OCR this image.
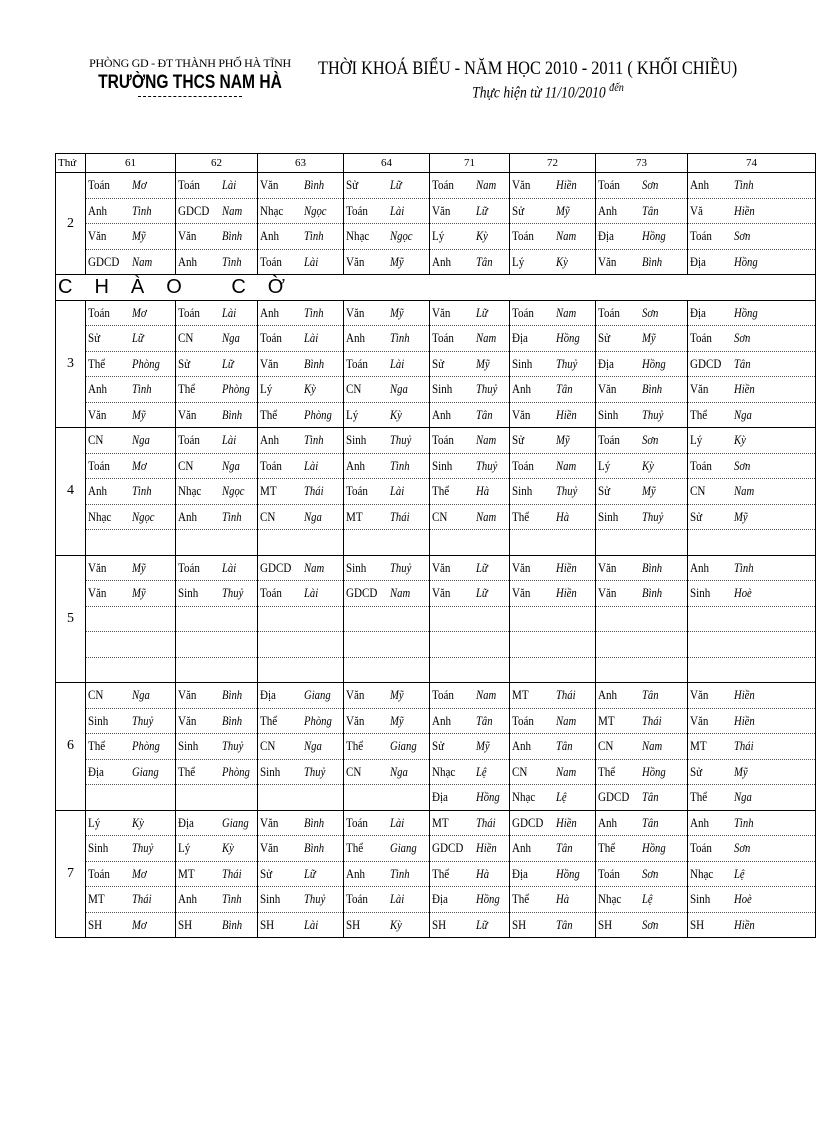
PHÒNG GD - ĐT THÀNH PHỐ HÀ TĨNH
TRƯỜNG THCS NAM HÀ
THỜI KHOÁ BIỂU - NĂM HỌC 2010 - 2011 ( KHỐI CHIỀU)
Thực hiện từ 11/10/2010 $^{đến}$
Thứ	61	62	63	64	71	72	73	74
2	Toán Mơ	Toán Lài	Văn Bình	Sử Lữ	Toán Nam	Văn Hiền	Toán Sơn	Anh Tình
	Anh Tình	GDCD Nam	Nhạc Ngọc	Toán Lài	Văn Lữ	Sử Mỹ	Anh Tân	Vă Hiền
	Văn Mỹ	Văn Bình	Anh Tình	Nhạc Ngọc	Lý Kỳ	Toán Nam	Địa Hồng	Toán Sơn
	GDCD Nam	Anh Tình	Toán Lài	Văn Mỹ	Anh Tân	Lý Kỳ	Văn Bình	Địa Hồng
CHÀO CỜ								
3	Toán Mơ	Toán Lài	Anh Tình	Văn Mỹ	Văn Lữ	Toán Nam	Toán Sơn	Địa Hồng
	Sử Lữ	CN Nga	Toán Lài	Anh Tình	Toán Nam	Địa Hồng	Sử Mỹ	Toán Sơn
	Thể Phòng	Sử Lữ	Văn Bình	Toán Lài	Sử Mỹ	Sinh Thuỷ	Địa Hồng	GDCD Tân
	Anh Tình	Thể Phòng	Lý Kỳ	CN Nga	Sinh Thuỷ	Anh Tân	Văn Bình	Văn Hiền
	Văn Mỹ	Văn Bình	Thể Phòng	Lý Kỳ	Anh Tân	Văn Hiền	Sinh Thuỷ	Thể Nga
4	CN Nga	Toán Lài	Anh Tình	Sinh Thuỷ	Toán Nam	Sử Mỹ	Toán Sơn	Lý Kỳ
	Toán Mơ	CN Nga	Toán Lài	Anh Tình	Sinh Thuỷ	Toán Nam	Lý Kỳ	Toán Sơn
	Anh Tình	Nhạc Ngọc	MT Thái	Toán Lài	Thể Hà	Sinh Thuỷ	Sử Mỹ	CN Nam
	Nhạc Ngọc	Anh Tình	CN Nga	MT Thái	CN Nam	Thể Hà	Sinh Thuỷ	Sử Mỹ

5	Văn Mỹ	Toán Lài	GDCD Nam	Sinh Thuỷ	Văn Lữ	Văn Hiền	Văn Bình	Anh Tình
	Văn Mỹ	Sinh Thuỷ	Toán Lài	GDCD Nam	Văn Lữ	Văn Hiền	Văn Bình	Sinh Hoè

6	CN Nga	Văn Bình	Địa Giang	Văn Mỹ	Toán Nam	MT Thái	Anh Tân	Văn Hiền
	Sinh Thuỷ	Văn Bình	Thể Phòng	Văn Mỹ	Anh Tân	Toán Nam	MT Thái	Văn Hiền
	Thể Phòng	Sinh Thuỷ	CN Nga	Thể Giang	Sử Mỹ	Anh Tân	CN Nam	MT Thái
	Địa Giang	Thể Phòng	Sinh Thuỷ	CN Nga	Nhạc Lệ	CN Nam	Thể Hồng	Sử Mỹ
					Địa Hồng	Nhạc Lệ	GDCD Tân	Thể Nga
7	Lý Kỳ	Địa Giang	Văn Bình	Toán Lài	MT Thái	GDCD Hiền	Anh Tân	Anh Tình
	Sinh Thuỷ	Lý Kỳ	Văn Bình	Thể Giang	GDCD Hiền	Anh Tân	Thể Hồng	Toán Sơn
	Toán Mơ	MT Thái	Sử Lữ	Anh Tình	Thể Hà	Địa Hồng	Toán Sơn	Nhạc Lệ
	MT Thái	Anh Tình	Sinh Thuỷ	Toán Lài	Địa Hồng	Thể Hà	Nhạc Lệ	Sinh Hoè
	SH Mơ	SH Bình	SH Lài	SH Kỳ	SH Lữ	SH Tân	SH Sơn	SH Hiền
